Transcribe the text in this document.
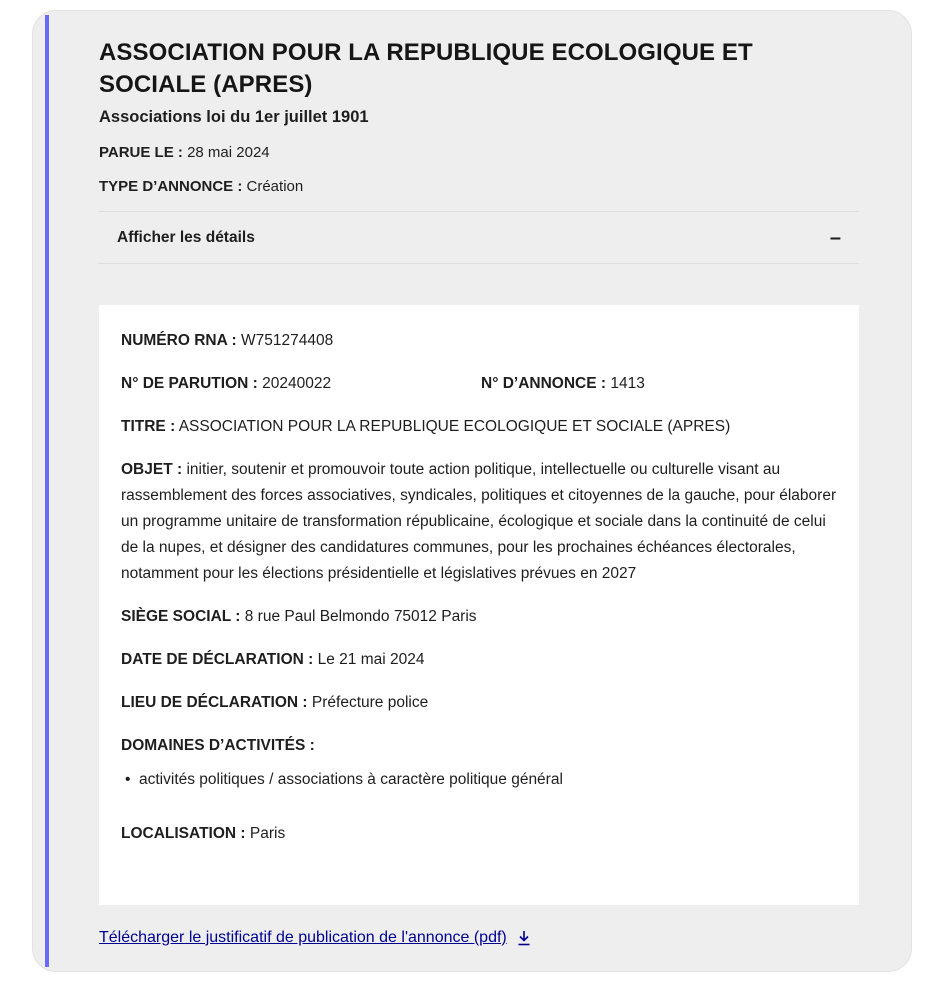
ASSOCIATION POUR LA REPUBLIQUE ECOLOGIQUE ET SOCIALE (APRES)
Associations loi du 1er juillet 1901
PARUE LE : 28 mai 2024
TYPE D’ANNONCE : Création
Afficher les détails	–
NUMÉRO RNA : W751274408
N° DE PARUTION : 20240022	N° D’ANNONCE : 1413
TITRE : ASSOCIATION POUR LA REPUBLIQUE ECOLOGIQUE ET SOCIALE (APRES)
OBJET : initier, soutenir et promouvoir toute action politique, intellectuelle ou culturelle visant au rassemblement des forces associatives, syndicales, politiques et citoyennes de la gauche, pour élaborer un programme unitaire de transformation républicaine, écologique et sociale dans la continuité de celui de la nupes, et désigner des candidatures communes, pour les prochaines échéances électorales, notamment pour les élections présidentielle et législatives prévues en 2027
SIÈGE SOCIAL : 8 rue Paul Belmondo 75012 Paris
DATE DE DÉCLARATION : Le 21 mai 2024
LIEU DE DÉCLARATION : Préfecture police
DOMAINES D’ACTIVITÉS :
• activités politiques / associations à caractère politique général
LOCALISATION : Paris
Télécharger le justificatif de publication de l'annonce (pdf)
